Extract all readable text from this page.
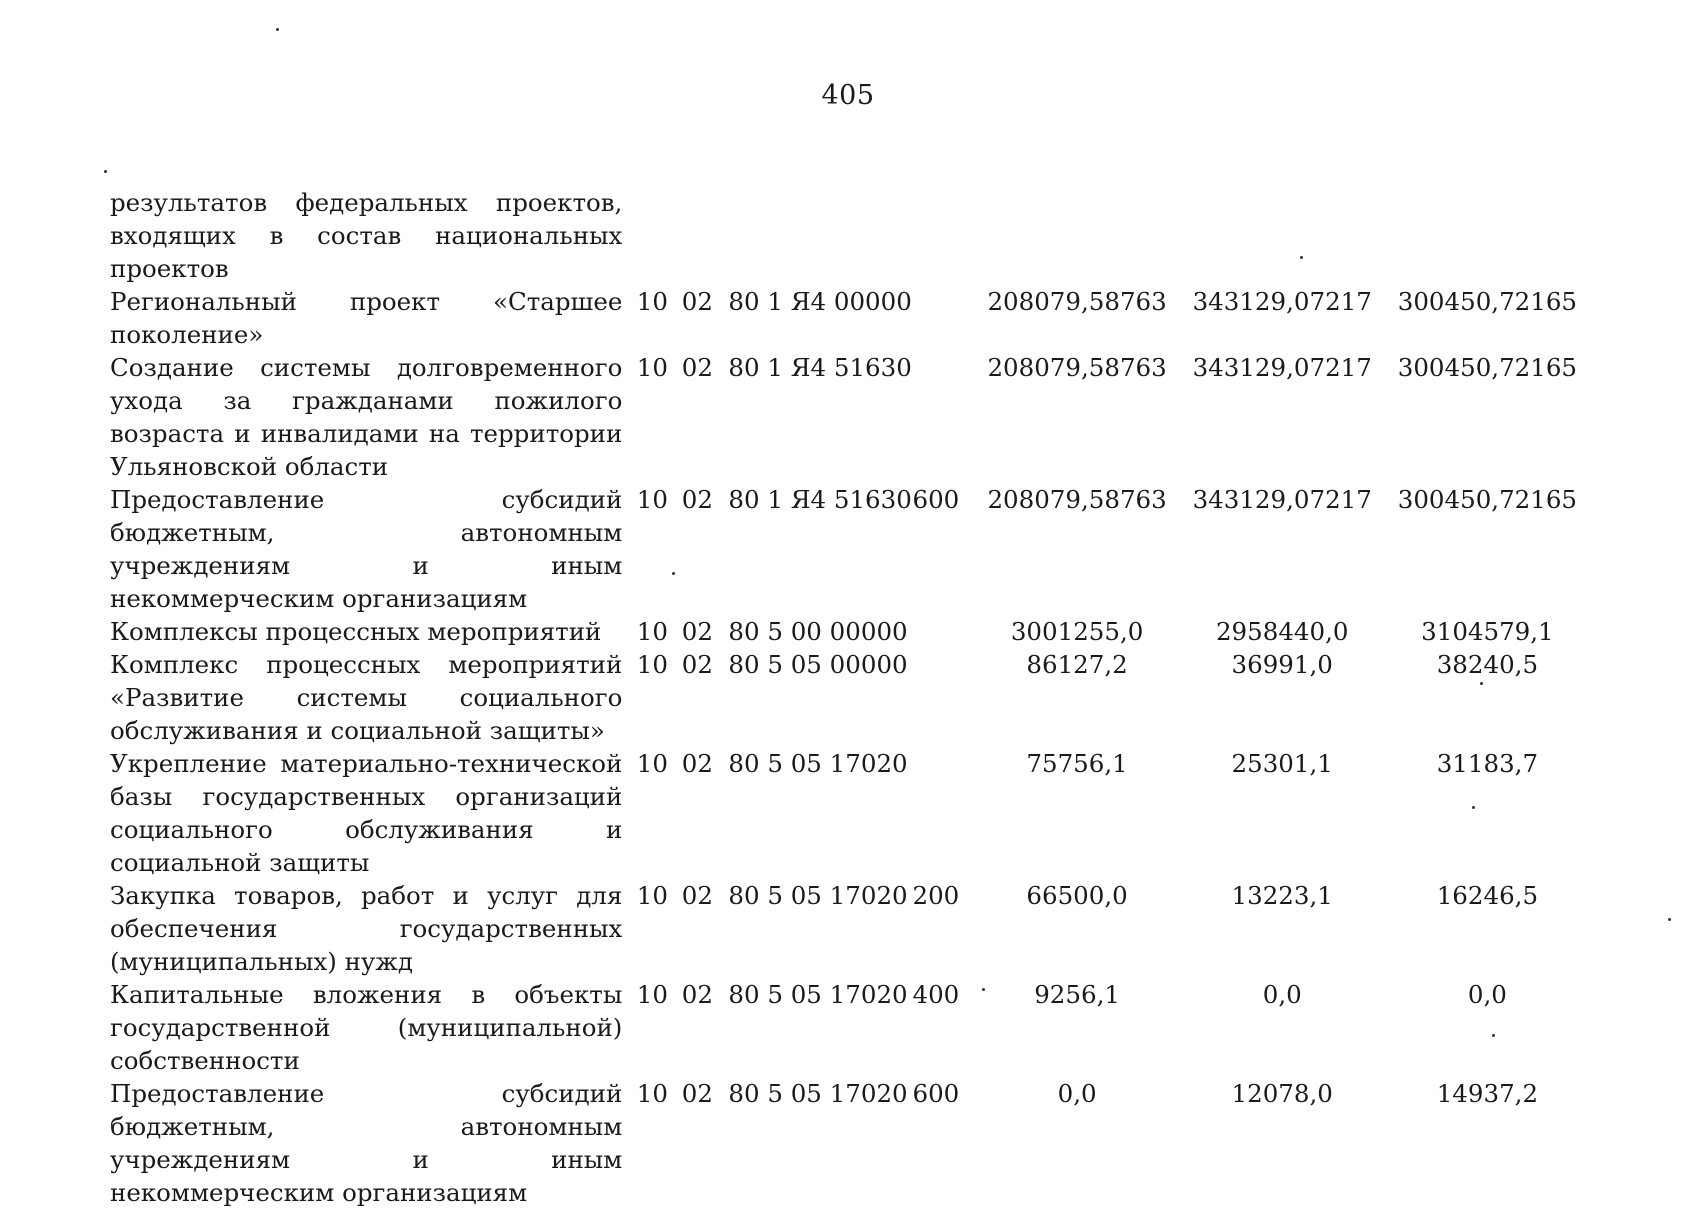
405
результатов федеральных проектов, входящих в состав национальных проектов							
Региональный проект «Старшее поколение»	10	02	80 1 Я4 00000		208079,58763	343129,07217	300450,72165
Создание системы долговременного ухода за гражданами пожилого возраста и инвалидами на территории Ульяновской области	10	02	80 1 Я4 51630		208079,58763	343129,07217	300450,72165
Предоставление субсидий бюджетным, автономным учреждениям и иным некоммерческим организациям	10	02	80 1 Я4 51630	600	208079,58763	343129,07217	300450,72165
Комплексы процессных мероприятий	10	02	80 5 00 00000		3001255,0	2958440,0	3104579,1
Комплекс процессных мероприятий «Развитие системы социального обслуживания и социальной защиты»	10	02	80 5 05 00000		86127,2	36991,0	38240,5
Укрепление материально-технической базы государственных организаций социального обслуживания и социальной защиты	10	02	80 5 05 17020		75756,1	25301,1	31183,7
Закупка товаров, работ и услуг для обеспечения государственных (муниципальных) нужд	10	02	80 5 05 17020	200	66500,0	13223,1	16246,5
Капитальные вложения в объекты государственной (муниципальной) собственности	10	02	80 5 05 17020	400	9256,1	0,0	0,0
Предоставление субсидий бюджетным, автономным учреждениям и иным некоммерческим организациям	10	02	80 5 05 17020	600	0,0	12078,0	14937,2
